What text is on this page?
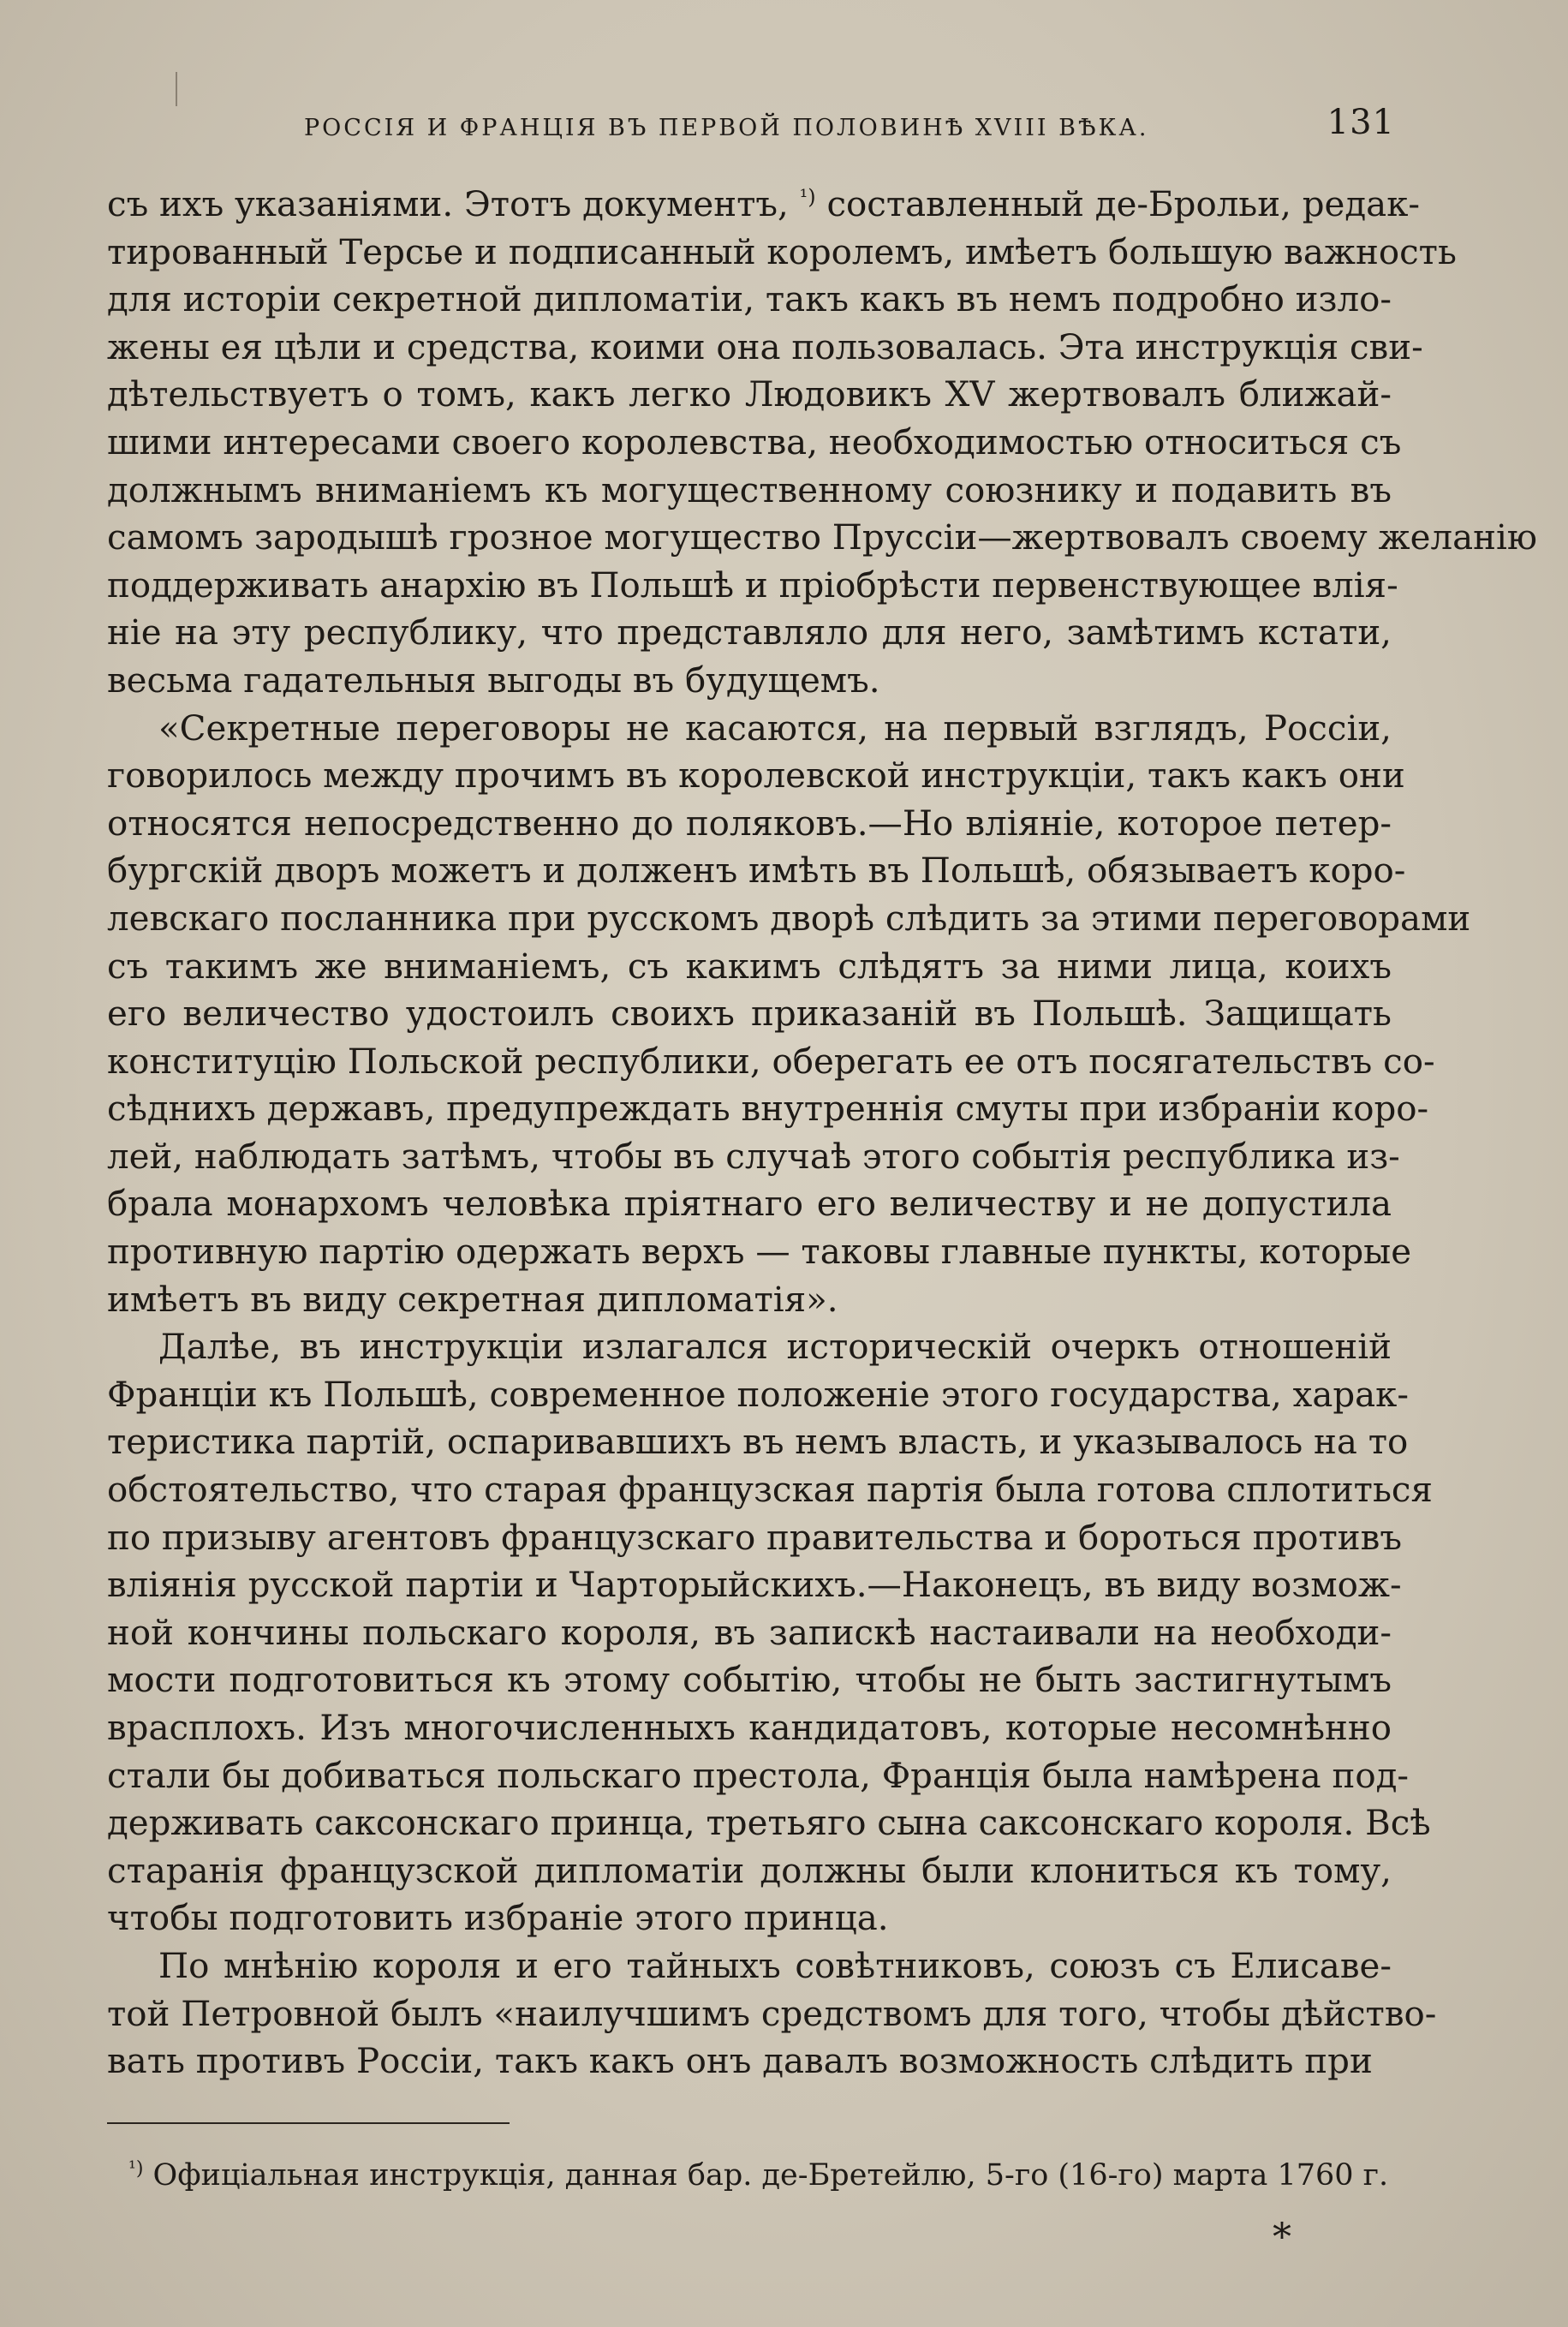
РОССІЯ И ФРАНЦІЯ ВЪ ПЕРВОЙ ПОЛОВИНѢ XVIII ВѢКА.	131

съ ихъ указаніями. Этотъ документъ, $^{^1)}$ составленный де-Брольи, редак-
тированный Терсье и подписанный королемъ, имѣетъ большую важность
для исторіи секретной дипломатіи, такъ какъ въ немъ подробно изло-
жены ея цѣли и средства, коими она пользовалась. Эта инструкція сви-
дѣтельствуетъ о томъ, какъ легко Людовикъ XV жертвовалъ ближай-
шими интересами своего королевства, необходимостью относиться съ
должнымъ вниманіемъ къ могущественному союзнику и подавить въ
самомъ зародышѣ грозное могущество Пруссіи—жертвовалъ своему желанію
поддерживать анархію въ Польшѣ и пріобрѣсти первенствующее влія-
ніе на эту республику, что представляло для него, замѣтимъ кстати,
весьма гадательныя выгоды въ будущемъ.

«Секретные переговоры не касаются, на первый взглядъ, Россіи,
говорилось между прочимъ въ королевской инструкціи, такъ какъ они
относятся непосредственно до поляковъ.—Но вліяніе, которое петер-
бургскій дворъ можетъ и долженъ имѣть въ Польшѣ, обязываетъ коро-
левскаго посланника при русскомъ дворѣ слѣдить за этими переговорами
съ такимъ же вниманіемъ, съ какимъ слѣдятъ за ними лица, коихъ
его величество удостоилъ своихъ приказаній въ Польшѣ. Защищать
конституцію Польской республики, оберегать ее отъ посягательствъ со-
сѣднихъ державъ, предупреждать внутреннія смуты при избраніи коро-
лей, наблюдать затѣмъ, чтобы въ случаѣ этого событія республика из-
брала монархомъ человѣка пріятнаго его величеству и не допустила
противную партію одержать верхъ — таковы главные пункты, которые
имѣетъ въ виду секретная дипломатія».

Далѣе, въ инструкціи излагался историческій очеркъ отношеній
Франціи къ Польшѣ, современное положеніе этого государства, харак-
теристика партій, оспаривавшихъ въ немъ власть, и указывалось на то
обстоятельство, что старая французская партія была готова сплотиться
по призыву агентовъ французскаго правительства и бороться противъ
вліянія русской партіи и Чарторыйскихъ.—Наконецъ, въ виду возмож-
ной кончины польскаго короля, въ запискѣ настаивали на необходи-
мости подготовиться къ этому событію, чтобы не быть застигнутымъ
врасплохъ. Изъ многочисленныхъ кандидатовъ, которые несомнѣнно
стали бы добиваться польскаго престола, Франція была намѣрена под-
держивать саксонскаго принца, третьяго сына саксонскаго короля. Всѣ
старанія французской дипломатіи должны были клониться къ тому,
чтобы подготовить избраніе этого принца.

По мнѣнію короля и его тайныхъ совѣтниковъ, союзъ съ Елисаве-
той Петровной былъ «наилучшимъ средствомъ для того, чтобы дѣйство-
вать противъ Россіи, такъ какъ онъ давалъ возможность слѣдить при

$^{^1)}$ Офиціальная инструкція, данная бар. де-Бретейлю, 5-го (16-го) марта 1760 г.
*
